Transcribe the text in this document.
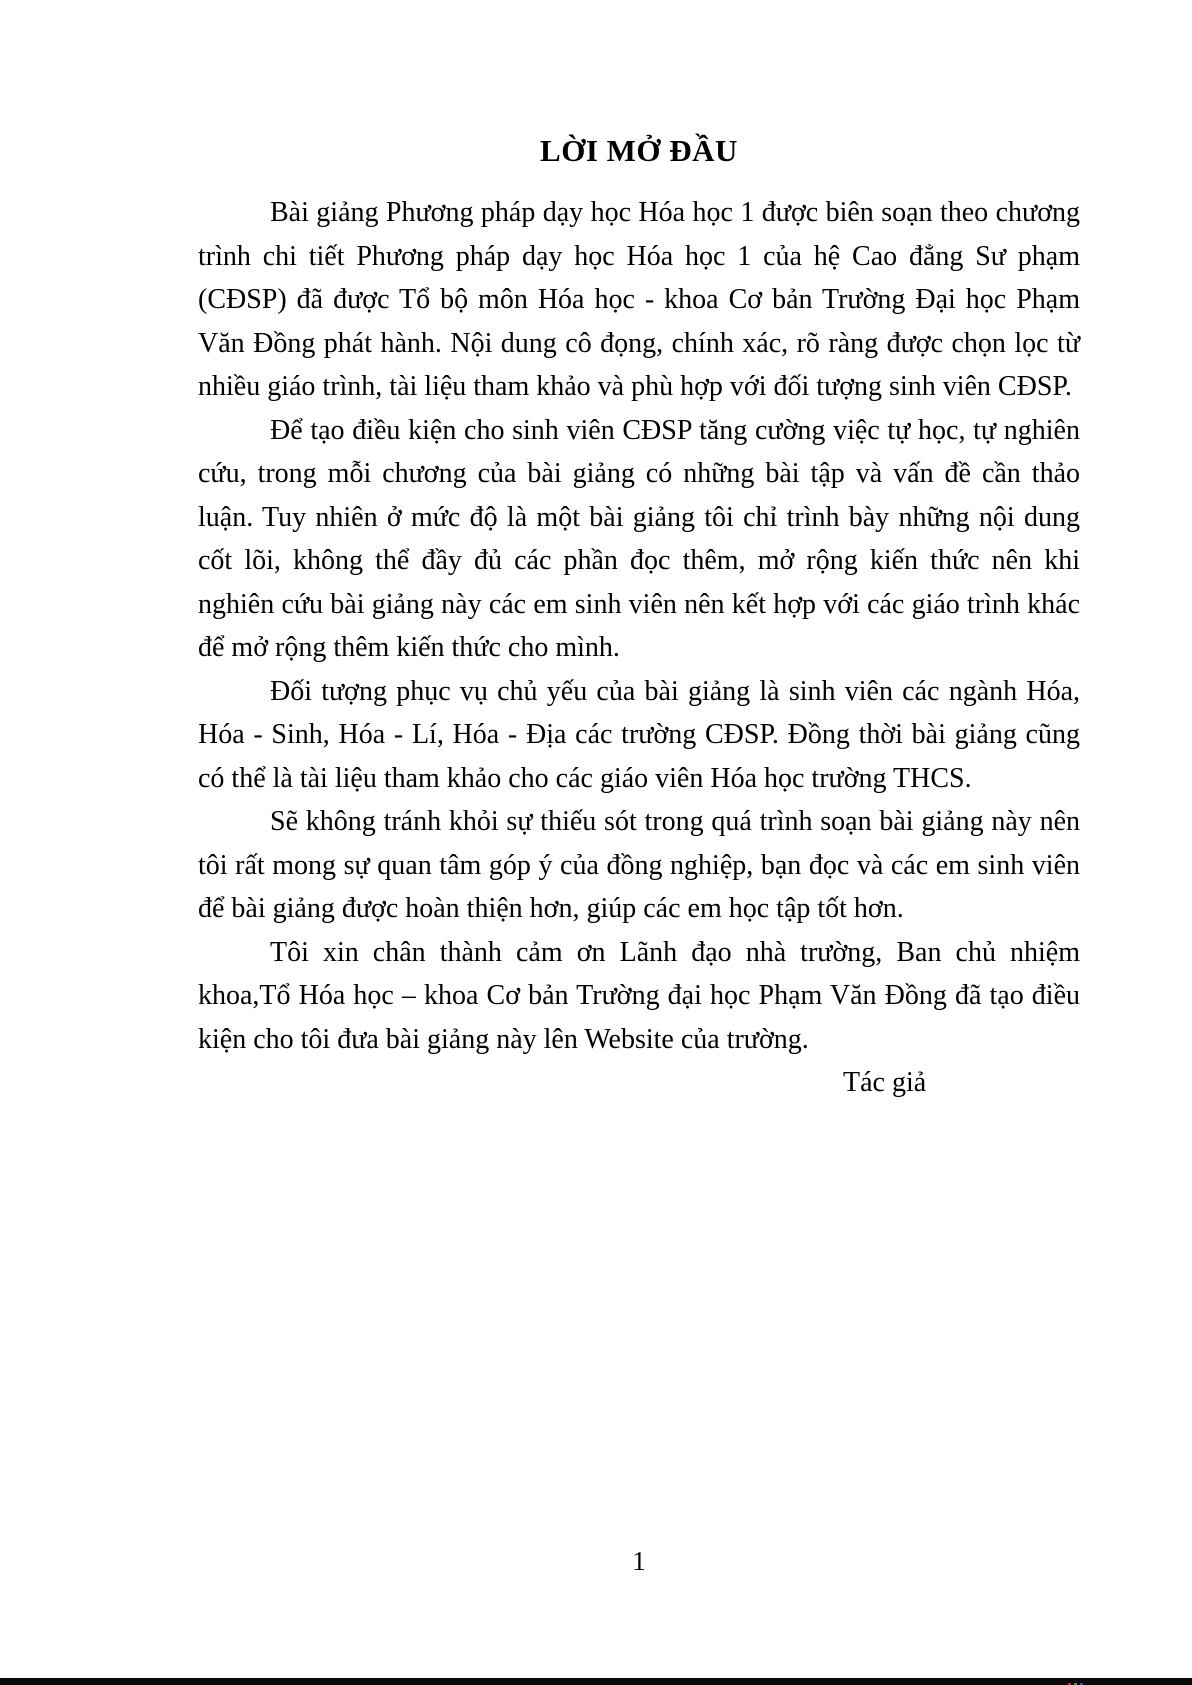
LỜI MỞ ĐẦU

Bài giảng Phương pháp dạy học Hóa học 1 được biên soạn theo chương trình chi tiết Phương pháp dạy học Hóa học 1 của hệ Cao đẳng Sư phạm (CĐSP) đã được Tổ bộ môn Hóa học - khoa Cơ bản Trường Đại học Phạm Văn Đồng phát hành. Nội dung cô đọng, chính xác, rõ ràng được chọn lọc từ nhiều giáo trình, tài liệu tham khảo và phù hợp với đối tượng sinh viên CĐSP.

Để tạo điều kiện cho sinh viên CĐSP tăng cường việc tự học, tự nghiên cứu, trong mỗi chương của bài giảng có những bài tập và vấn đề cần thảo luận. Tuy nhiên ở mức độ là một bài giảng tôi chỉ trình bày những nội dung cốt lõi, không thể đầy đủ các phần đọc thêm, mở rộng kiến thức nên khi nghiên cứu bài giảng này các em sinh viên nên kết hợp với các giáo trình khác để mở rộng thêm kiến thức cho mình.

Đối tượng phục vụ chủ yếu của bài giảng là sinh viên các ngành Hóa, Hóa - Sinh, Hóa - Lí, Hóa - Địa các trường CĐSP. Đồng thời bài giảng cũng có thể là tài liệu tham khảo cho các giáo viên Hóa học trường THCS.

Sẽ không tránh khỏi sự thiếu sót trong quá trình soạn bài giảng này nên tôi rất mong sự quan tâm góp ý của đồng nghiệp, bạn đọc và các em sinh viên để bài giảng được hoàn thiện hơn, giúp các em học tập tốt hơn.

Tôi xin chân thành cảm ơn Lãnh đạo nhà trường, Ban chủ nhiệm khoa,Tổ Hóa học – khoa Cơ bản Trường đại học Phạm Văn Đồng đã tạo điều kiện cho tôi đưa bài giảng này lên Website của trường.

Tác giả

1
